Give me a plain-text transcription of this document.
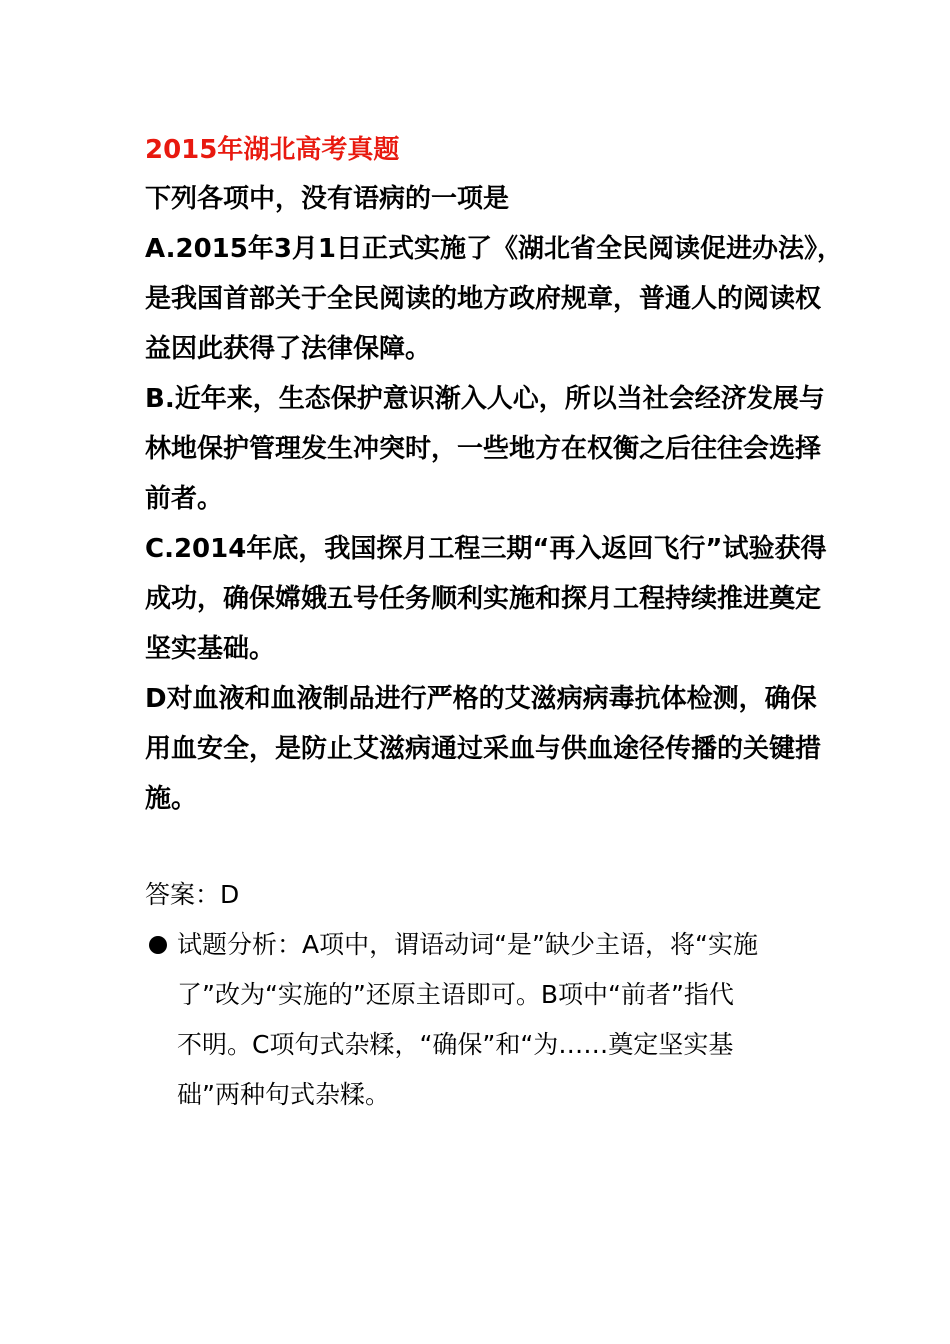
2015年湖北高考真题

下列各项中，没有语病的一项是

A.2015年3月1日正式实施了《湖北省全民阅读促进办法》，

是我国首部关于全民阅读的地方政府规章，普通人的阅读权

益因此获得了法律保障。

B.近年来，生态保护意识渐入人心，所以当社会经济发展与

林地保护管理发生冲突时，一些地方在权衡之后往往会选择

前者。

C.2014年底，我国探月工程三期“再入返回飞行”试验获得

成功，确保嫦娥五号任务顺利实施和探月工程持续推进奠定

坚实基础。

D对血液和血液制品进行严格的艾滋病病毒抗体检测，确保

用血安全，是防止艾滋病通过采血与供血途径传播的关键措

施。

答案：D

试题分析：A项中，谓语动词“是”缺少主语，将“实施

了”改为“实施的”还原主语即可。B项中“前者”指代

不明。C项句式杂糅，“确保”和“为……奠定坚实基

础”两种句式杂糅。
